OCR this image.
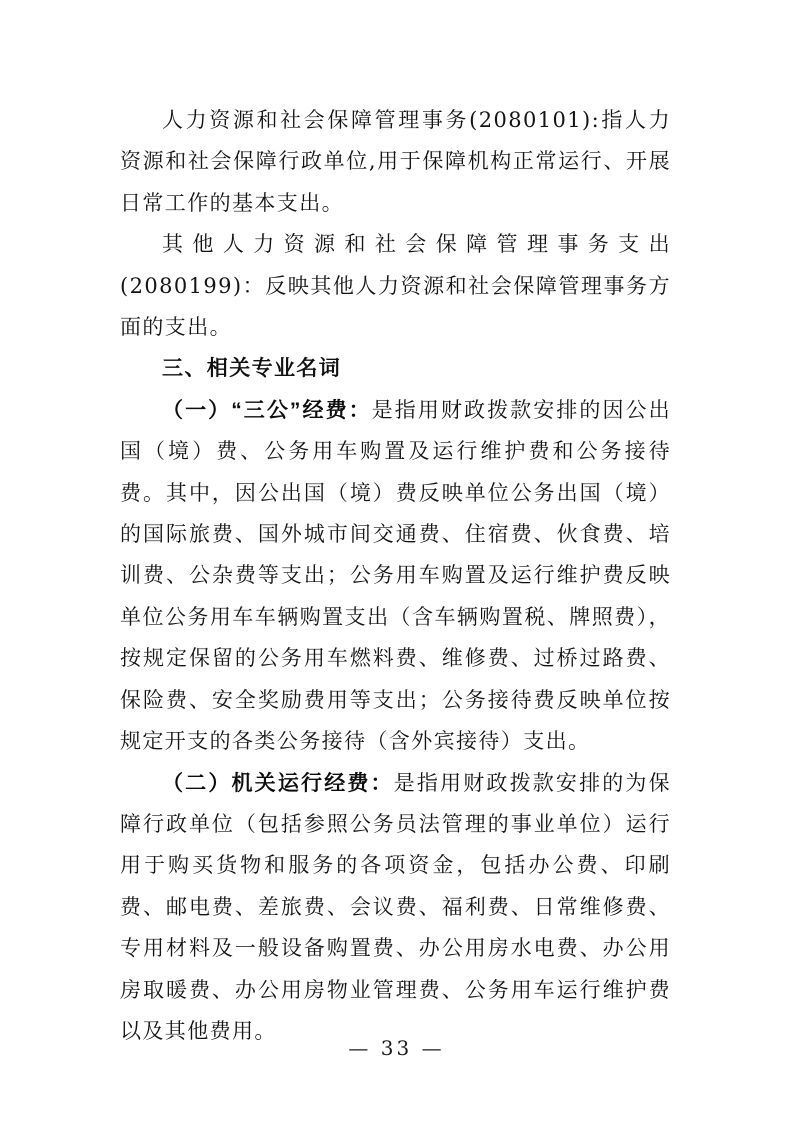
人力资源和社会保障管理事务(2080101):指人力资源和社会保障行政单位,用于保障机构正常运行、开展日常工作的基本支出。

其他人力资源和社会保障管理事务支出(2080199)：反映其他人力资源和社会保障管理事务方面的支出。

三、相关专业名词

（一）“三公”经费：是指用财政拨款安排的因公出国（境）费、公务用车购置及运行维护费和公务接待费。其中，因公出国（境）费反映单位公务出国（境）的国际旅费、国外城市间交通费、住宿费、伙食费、培训费、公杂费等支出；公务用车购置及运行维护费反映单位公务用车车辆购置支出（含车辆购置税、牌照费），按规定保留的公务用车燃料费、维修费、过桥过路费、保险费、安全奖励费用等支出；公务接待费反映单位按规定开支的各类公务接待（含外宾接待）支出。

（二）机关运行经费：是指用财政拨款安排的为保障行政单位（包括参照公务员法管理的事业单位）运行用于购买货物和服务的各项资金，包括办公费、印刷费、邮电费、差旅费、会议费、福利费、日常维修费、专用材料及一般设备购置费、办公用房水电费、办公用房取暖费、办公用房物业管理费、公务用车运行维护费以及其他费用。

— 33 —
